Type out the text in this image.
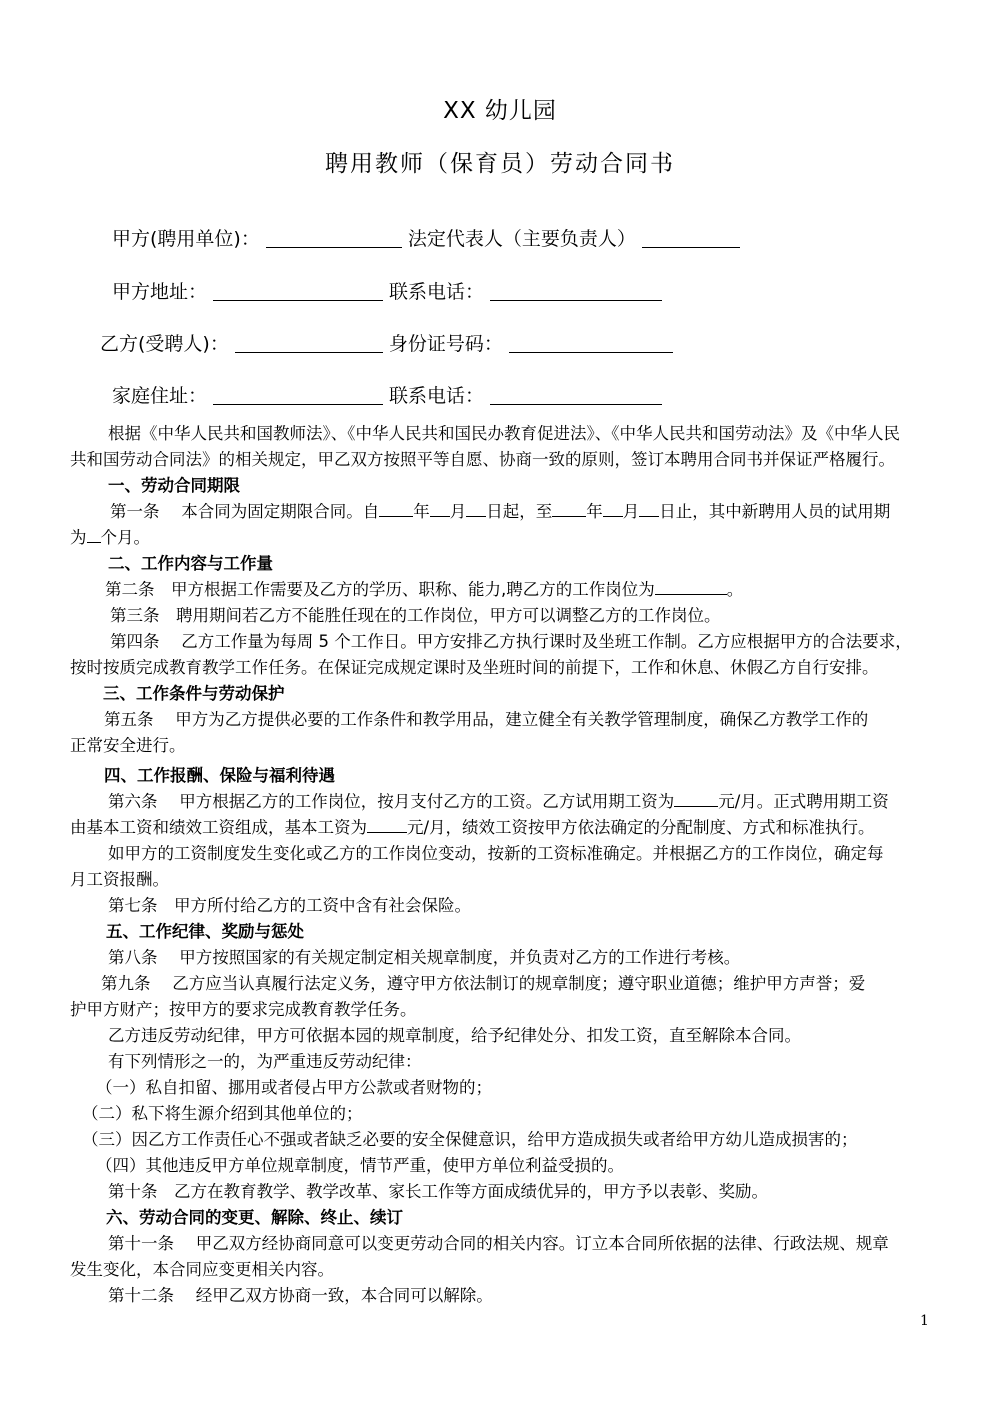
XX 幼儿园
聘用教师（保育员）劳动合同书
甲方(聘用单位)：	法定代表人（主要负责人）
甲方地址：	联系电话：
乙方(受聘人)：	身份证号码：
家庭住址：	联系电话：
根据《中华人民共和国教师法》、《中华人民共和国民办教育促进法》、《中华人民共和国劳动法》及《中华人民
共和国劳动合同法》的相关规定，甲乙双方按照平等自愿、协商一致的原则，签订本聘用合同书并保证严格履行。
一、劳动合同期限
第一条　 本合同为固定期限合同。自 年 月 日起，至 年 月 日止，其中新聘用人员的试用期
为 个月。
二、工作内容与工作量
第二条　甲方根据工作需要及乙方的学历、职称、能力,聘乙方的工作岗位为	。
第三条　聘用期间若乙方不能胜任现在的工作岗位，甲方可以调整乙方的工作岗位。
第四条　 乙方工作量为每周 5 个工作日。甲方安排乙方执行课时及坐班工作制。乙方应根据甲方的合法要求，
按时按质完成教育教学工作任务。在保证完成规定课时及坐班时间的前提下，工作和休息、休假乙方自行安排。
三、工作条件与劳动保护
第五条　 甲方为乙方提供必要的工作条件和教学用品，建立健全有关教学管理制度，确保乙方教学工作的
正常安全进行。
四、工作报酬、保险与福利待遇
第六条　 甲方根据乙方的工作岗位，按月支付乙方的工资。乙方试用期工资为	元/月。正式聘用期工资
由基本工资和绩效工资组成，基本工资为 元/月，绩效工资按甲方依法确定的分配制度、方式和标准执行。
如甲方的工资制度发生变化或乙方的工作岗位变动，按新的工资标准确定。并根据乙方的工作岗位，确定每
月工资报酬。
第七条　甲方所付给乙方的工资中含有社会保险。
五、工作纪律、奖励与惩处
第八条　 甲方按照国家的有关规定制定相关规章制度，并负责对乙方的工作进行考核。
第九条　 乙方应当认真履行法定义务，遵守甲方依法制订的规章制度；遵守职业道德；维护甲方声誉；爱
护甲方财产；按甲方的要求完成教育教学任务。
乙方违反劳动纪律，甲方可依据本园的规章制度，给予纪律处分、扣发工资，直至解除本合同。
有下列情形之一的，为严重违反劳动纪律：
（一）私自扣留、挪用或者侵占甲方公款或者财物的；
（二）私下将生源介绍到其他单位的；
（三）因乙方工作责任心不强或者缺乏必要的安全保健意识，给甲方造成损失或者给甲方幼儿造成损害的；
（四）其他违反甲方单位规章制度，情节严重，使甲方单位利益受损的。
第十条　乙方在教育教学、教学改革、家长工作等方面成绩优异的，甲方予以表彰、奖励。
六、劳动合同的变更、解除、终止、续订
第十一条　 甲乙双方经协商同意可以变更劳动合同的相关内容。订立本合同所依据的法律、行政法规、规章
发生变化，本合同应变更相关内容。
第十二条　 经甲乙双方协商一致，本合同可以解除。
1
